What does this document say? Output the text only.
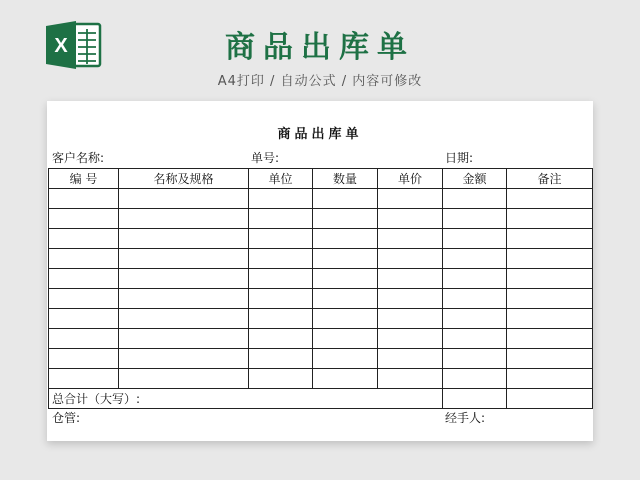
X	商品出库单
A4打印 / 自动公式 / 内容可修改
商品出库单
客户名称:	单号:	日期:
编 号	名称及规格	单位	数量	单价	金额	备注

总合计（大写）:						
仓管:	经手人:
